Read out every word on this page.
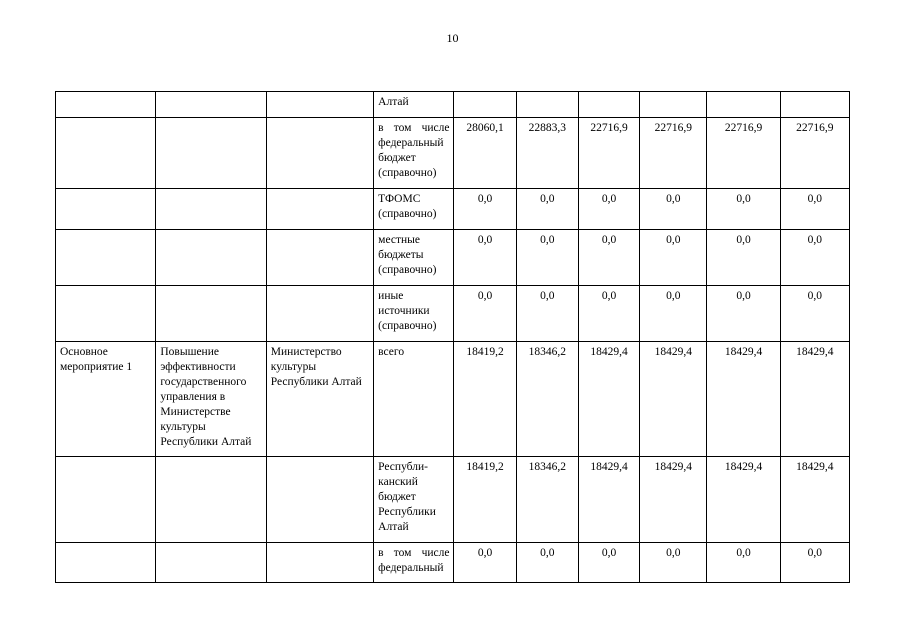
10
			Алтай						
			в том числе федеральный бюджет (справочно)	28060,1	22883,3	22716,9	22716,9	22716,9	22716,9
			ТФОМС (справочно)	0,0	0,0	0,0	0,0	0,0	0,0
			местные бюджеты (справочно)	0,0	0,0	0,0	0,0	0,0	0,0
			иные источники (справочно)	0,0	0,0	0,0	0,0	0,0	0,0
Основное мероприятие 1	Повышение эффективности государственного управления в Министерстве культуры Республики Алтай	Министерство культуры Республики Алтай	всего	18419,2	18346,2	18429,4	18429,4	18429,4	18429,4
			Республи-канский бюджет Республики Алтай	18419,2	18346,2	18429,4	18429,4	18429,4	18429,4
			в том числе федеральный	0,0	0,0	0,0	0,0	0,0	0,0
